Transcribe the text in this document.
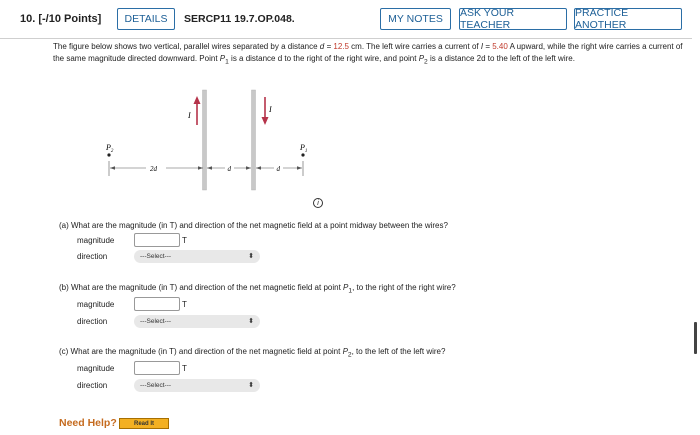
10. [-/10 Points]	DETAILS	SERCP11 19.7.OP.048.	MY NOTES	ASK YOUR TEACHER
PRACTICE ANOTHER
The figure below shows two vertical, parallel wires separated by a distance d = 12.5 cm. The left wire carries a current of I = 5.40 A upward, while the right wire carries a current of the same magnitude directed downward. Point $P_1$ is a distance d to the right of the right wire, and point $P_2$ is a distance 2d to the left of the left wire.
I
I
$P_2$	$P_1$
2d	d	d
i
(a) What are the magnitude (in T) and direction of the net magnetic field at a point midway between the wires?
magnitude	T
direction	---Select---	⬍
(b) What are the magnitude (in T) and direction of the net magnetic field at point $P_1$, to the right of the right wire?
magnitude	T
direction	---Select---	⬍
(c) What are the magnitude (in T) and direction of the net magnetic field at point $P_2$, to the left of the left wire?
magnitude	T
direction	---Select---	⬍
Need Help?	Read It
